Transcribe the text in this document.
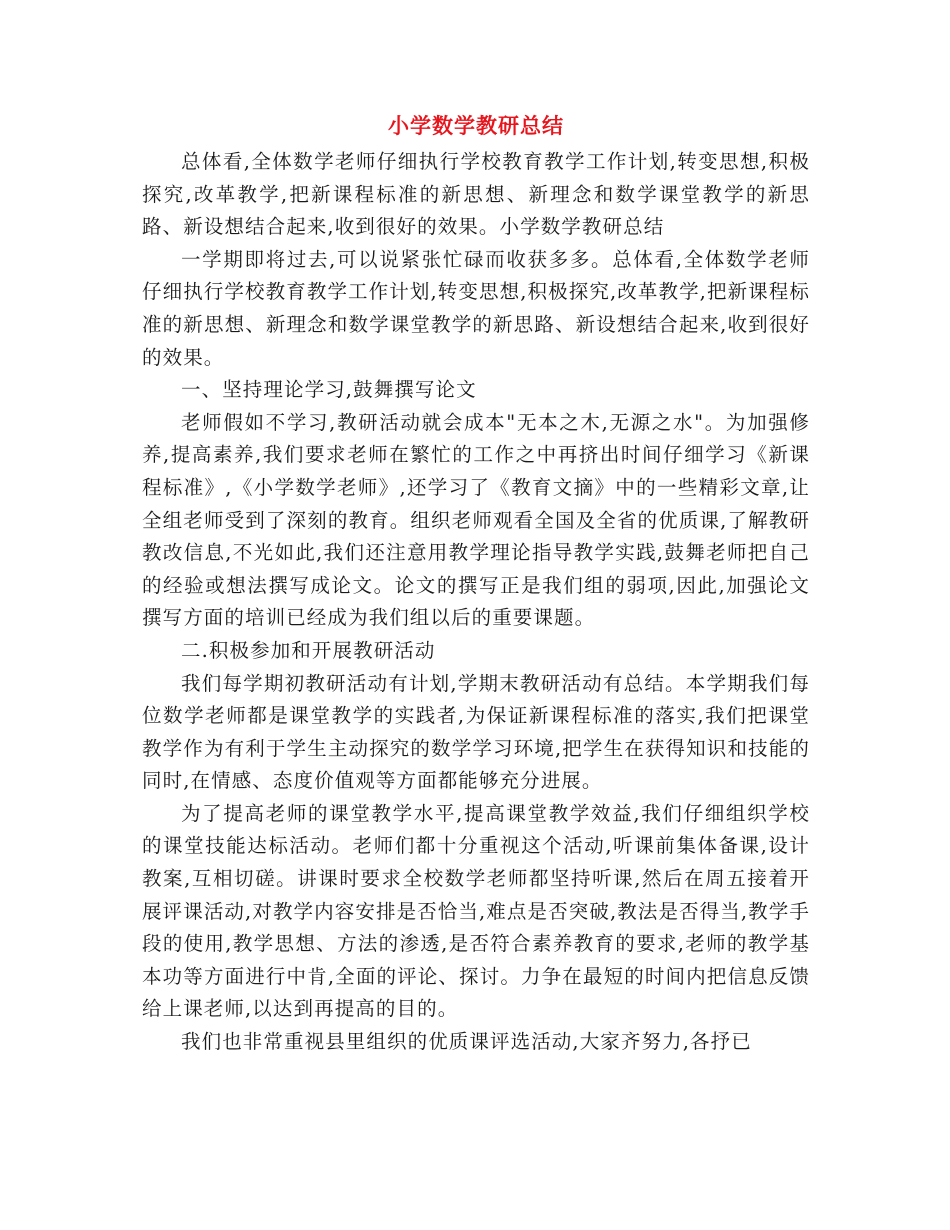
小学数学教研总结

总体看,全体数学老师仔细执行学校教育教学工作计划,转变思想,积极探究,改革教学,把新课程标准的新思想、新理念和数学课堂教学的新思路、新设想结合起来,收到很好的效果。小学数学教研总结

一学期即将过去,可以说紧张忙碌而收获多多。总体看,全体数学老师仔细执行学校教育教学工作计划,转变思想,积极探究,改革教学,把新课程标准的新思想、新理念和数学课堂教学的新思路、新设想结合起来,收到很好的效果。

一、坚持理论学习,鼓舞撰写论文

老师假如不学习,教研活动就会成本"无本之木,无源之水"。为加强修养,提高素养,我们要求老师在繁忙的工作之中再挤出时间仔细学习《新课程标准》,《小学数学老师》,还学习了《教育文摘》中的一些精彩文章,让全组老师受到了深刻的教育。组织老师观看全国及全省的优质课,了解教研教改信息,不光如此,我们还注意用教学理论指导教学实践,鼓舞老师把自己的经验或想法撰写成论文。论文的撰写正是我们组的弱项,因此,加强论文撰写方面的培训已经成为我们组以后的重要课题。

二.积极参加和开展教研活动

我们每学期初教研活动有计划,学期末教研活动有总结。本学期我们每位数学老师都是课堂教学的实践者,为保证新课程标准的落实,我们把课堂教学作为有利于学生主动探究的数学学习环境,把学生在获得知识和技能的同时,在情感、态度价值观等方面都能够充分进展。

为了提高老师的课堂教学水平,提高课堂教学效益,我们仔细组织学校的课堂技能达标活动。老师们都十分重视这个活动,听课前集体备课,设计教案,互相切磋。讲课时要求全校数学老师都坚持听课,然后在周五接着开展评课活动,对教学内容安排是否恰当,难点是否突破,教法是否得当,教学手段的使用,教学思想、方法的渗透,是否符合素养教育的要求,老师的教学基本功等方面进行中肯,全面的评论、探讨。力争在最短的时间内把信息反馈给上课老师,以达到再提高的目的。

我们也非常重视县里组织的优质课评选活动,大家齐努力,各抒已
